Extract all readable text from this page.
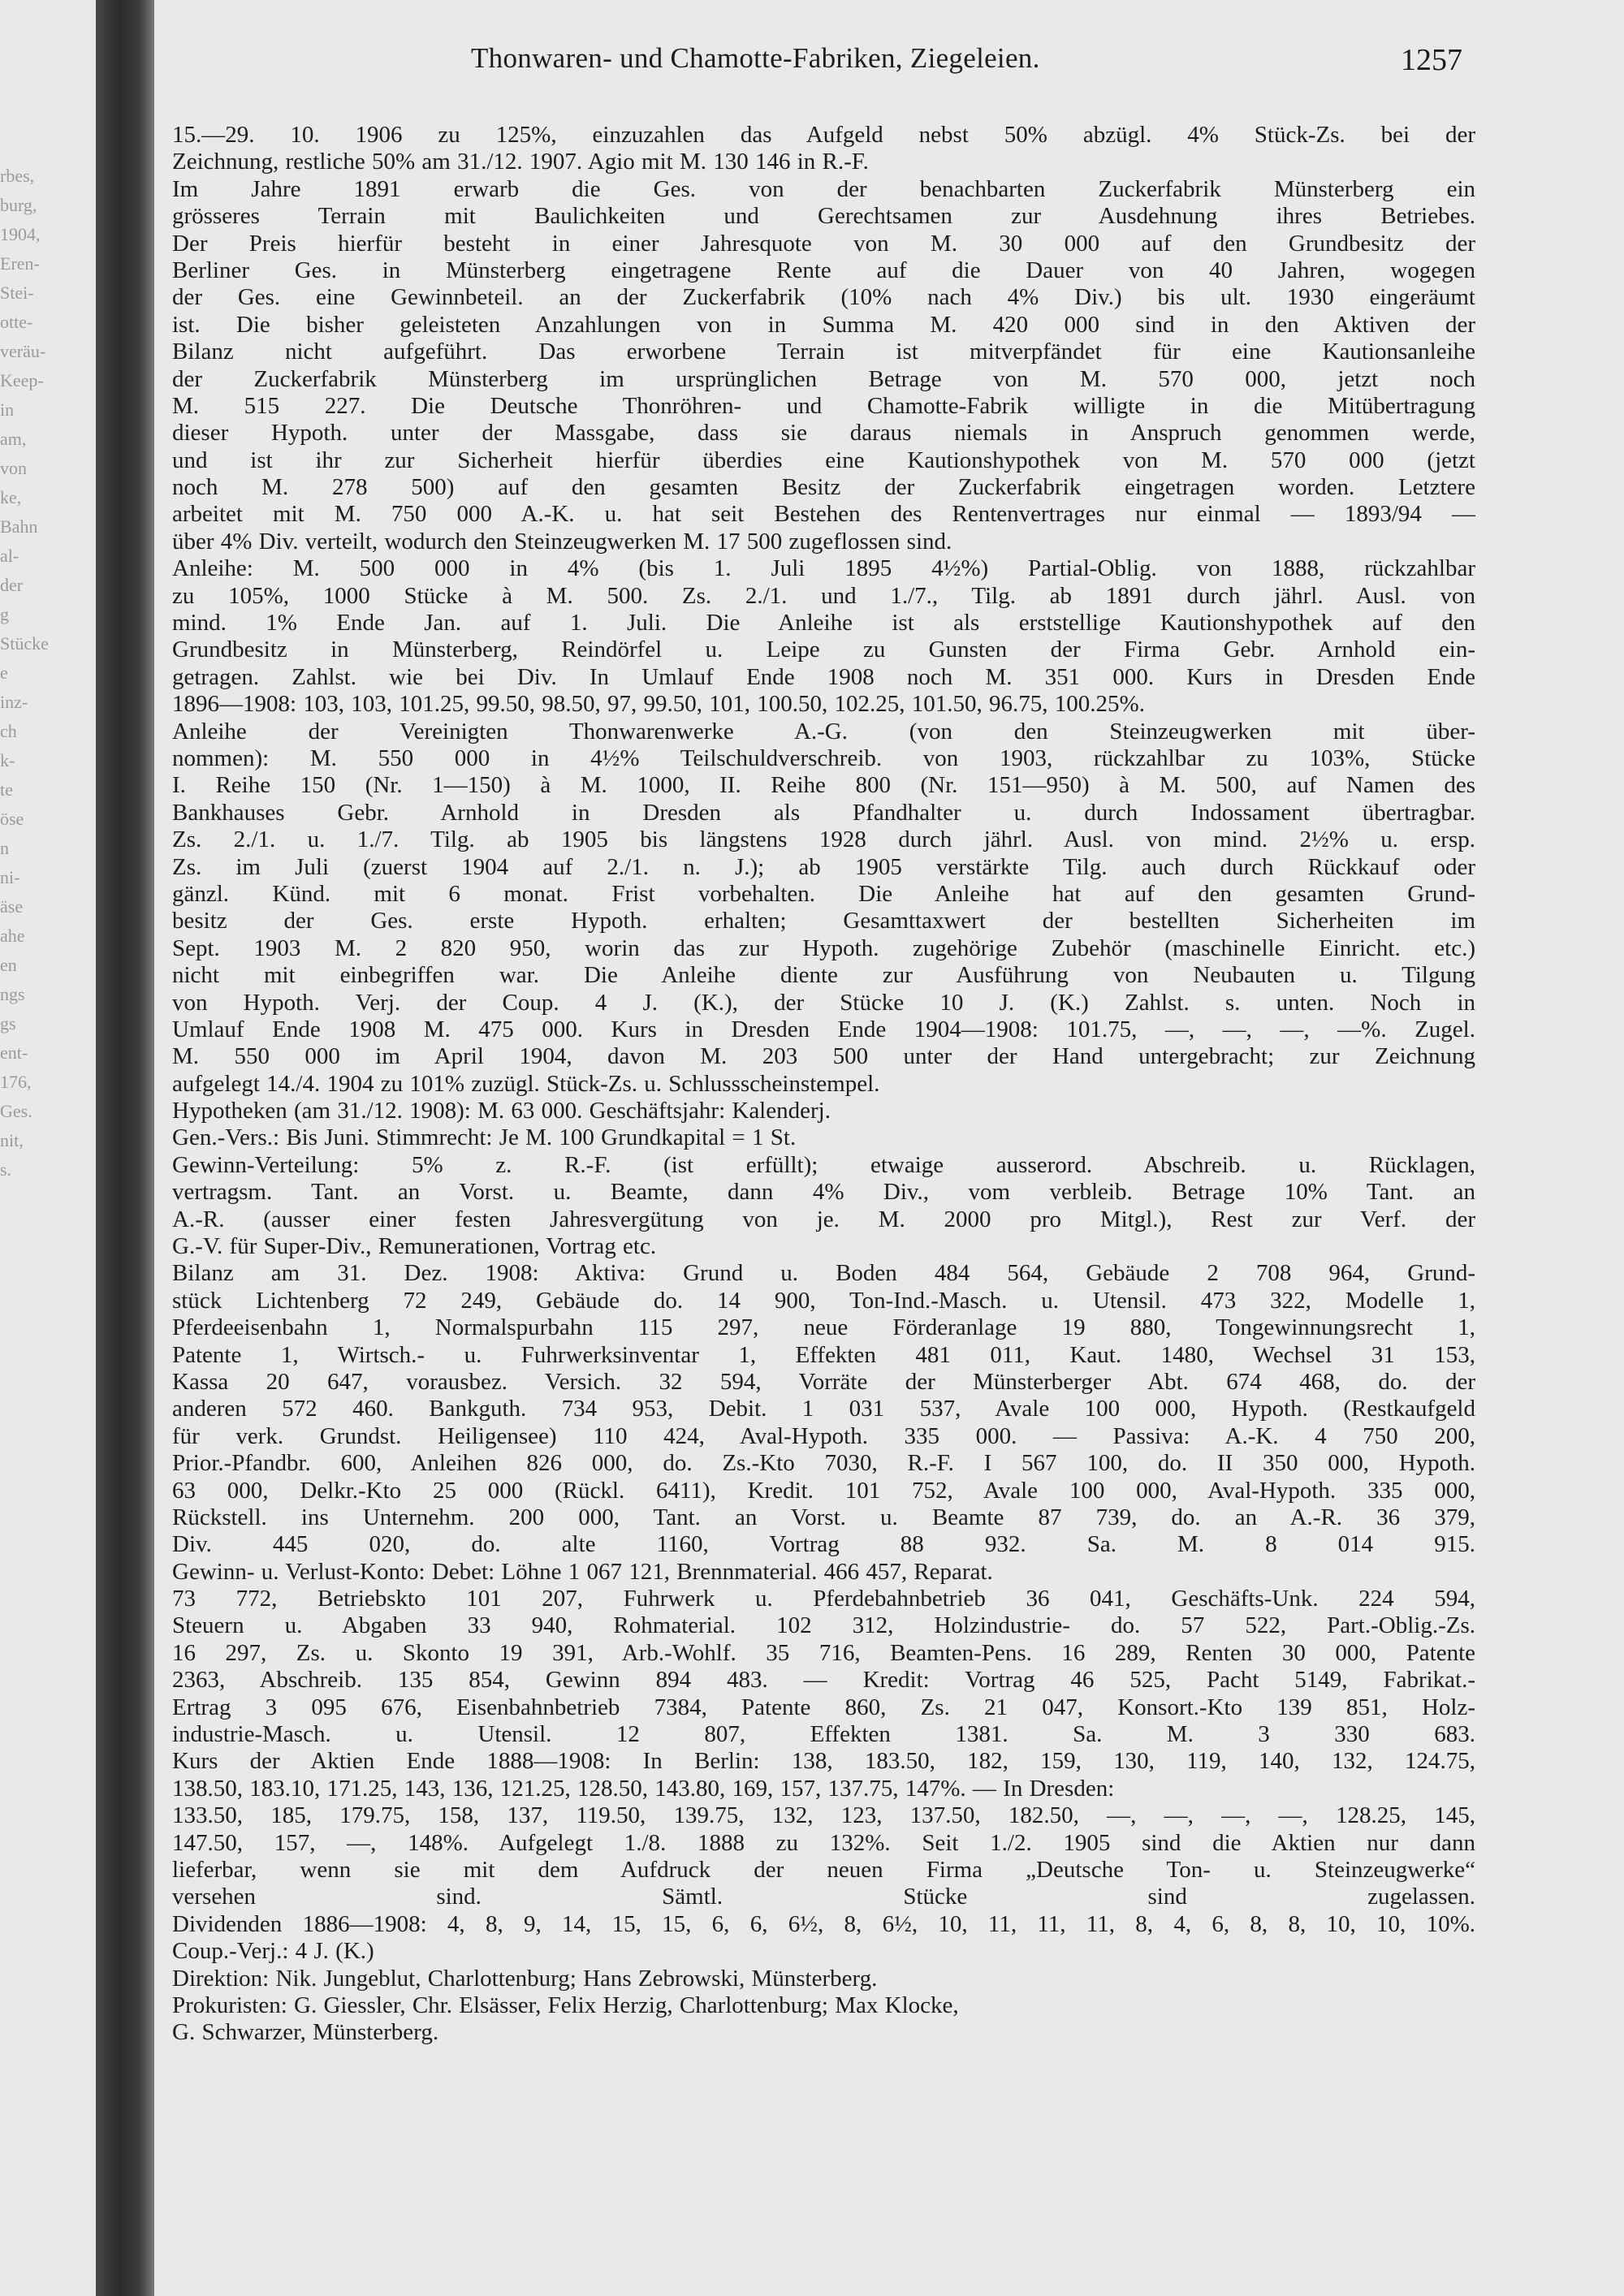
rbes,
burg,
1904,
Eren-
Stei-
otte-
veräu-
Keep-
in
am,
von
ke,
Bahn
al-
der
g
Stücke
e
inz-
ch
k-
te
öse
n
ni-
äse
ahe
en
ngs
gs
ent-
176,
Ges.
nit,
s.
Thonwaren- und Chamotte-Fabriken, Ziegeleien.	1257
15.—29. 10. 1906 zu 125%, einzuzahlen das Aufgeld nebst 50% abzügl. 4% Stück-Zs. bei der
Zeichnung, restliche 50% am 31./12. 1907. Agio mit M. 130 146 in R.-F.
Im Jahre 1891 erwarb die Ges. von der benachbarten Zuckerfabrik Münsterberg ein
grösseres Terrain mit Baulichkeiten und Gerechtsamen zur Ausdehnung ihres Betriebes.
Der Preis hierfür besteht in einer Jahresquote von M. 30 000 auf den Grundbesitz der
Berliner Ges. in Münsterberg eingetragene Rente auf die Dauer von 40 Jahren, wogegen
der Ges. eine Gewinnbeteil. an der Zuckerfabrik (10% nach 4% Div.) bis ult. 1930 eingeräumt
ist. Die bisher geleisteten Anzahlungen von in Summa M. 420 000 sind in den Aktiven der
Bilanz nicht aufgeführt. Das erworbene Terrain ist mitverpfändet für eine Kautionsanleihe
der Zuckerfabrik Münsterberg im ursprünglichen Betrage von M. 570 000, jetzt noch
M. 515 227. Die Deutsche Thonröhren- und Chamotte-Fabrik willigte in die Mitübertragung
dieser Hypoth. unter der Massgabe, dass sie daraus niemals in Anspruch genommen werde,
und ist ihr zur Sicherheit hierfür überdies eine Kautionshypothek von M. 570 000 (jetzt
noch M. 278 500) auf den gesamten Besitz der Zuckerfabrik eingetragen worden. Letztere
arbeitet mit M. 750 000 A.-K. u. hat seit Bestehen des Rentenvertrages nur einmal — 1893/94 —
über 4% Div. verteilt, wodurch den Steinzeugwerken M. 17 500 zugeflossen sind.
Anleihe: M. 500 000 in 4% (bis 1. Juli 1895 4½%) Partial-Oblig. von 1888, rückzahlbar
zu 105%, 1000 Stücke à M. 500. Zs. 2./1. und 1./7., Tilg. ab 1891 durch jährl. Ausl. von
mind. 1% Ende Jan. auf 1. Juli. Die Anleihe ist als erststellige Kautionshypothek auf den
Grundbesitz in Münsterberg, Reindörfel u. Leipe zu Gunsten der Firma Gebr. Arnhold ein-
getragen. Zahlst. wie bei Div. In Umlauf Ende 1908 noch M. 351 000. Kurs in Dresden Ende
1896—1908: 103, 103, 101.25, 99.50, 98.50, 97, 99.50, 101, 100.50, 102.25, 101.50, 96.75, 100.25%.
Anleihe der Vereinigten Thonwarenwerke A.-G. (von den Steinzeugwerken mit über-
nommen): M. 550 000 in 4½% Teilschuldverschreib. von 1903, rückzahlbar zu 103%, Stücke
I. Reihe 150 (Nr. 1—150) à M. 1000, II. Reihe 800 (Nr. 151—950) à M. 500, auf Namen des
Bankhauses Gebr. Arnhold in Dresden als Pfandhalter u. durch Indossament übertragbar.
Zs. 2./1. u. 1./7. Tilg. ab 1905 bis längstens 1928 durch jährl. Ausl. von mind. 2½% u. ersp.
Zs. im Juli (zuerst 1904 auf 2./1. n. J.); ab 1905 verstärkte Tilg. auch durch Rückkauf oder
gänzl. Künd. mit 6 monat. Frist vorbehalten. Die Anleihe hat auf den gesamten Grund-
besitz der Ges. erste Hypoth. erhalten; Gesamttaxwert der bestellten Sicherheiten im
Sept. 1903 M. 2 820 950, worin das zur Hypoth. zugehörige Zubehör (maschinelle Einricht. etc.)
nicht mit einbegriffen war. Die Anleihe diente zur Ausführung von Neubauten u. Tilgung
von Hypoth. Verj. der Coup. 4 J. (K.), der Stücke 10 J. (K.) Zahlst. s. unten. Noch in
Umlauf Ende 1908 M. 475 000. Kurs in Dresden Ende 1904—1908: 101.75, —, —, —, —%. Zugel.
M. 550 000 im April 1904, davon M. 203 500 unter der Hand untergebracht; zur Zeichnung
aufgelegt 14./4. 1904 zu 101% zuzügl. Stück-Zs. u. Schlussscheinstempel.
Hypotheken (am 31./12. 1908): M. 63 000. Geschäftsjahr: Kalenderj.
Gen.-Vers.: Bis Juni. Stimmrecht: Je M. 100 Grundkapital = 1 St.
Gewinn-Verteilung: 5% z. R.-F. (ist erfüllt); etwaige ausserord. Abschreib. u. Rücklagen,
vertragsm. Tant. an Vorst. u. Beamte, dann 4% Div., vom verbleib. Betrage 10% Tant. an
A.-R. (ausser einer festen Jahresvergütung von je. M. 2000 pro Mitgl.), Rest zur Verf. der
G.-V. für Super-Div., Remunerationen, Vortrag etc.
Bilanz am 31. Dez. 1908: Aktiva: Grund u. Boden 484 564, Gebäude 2 708 964, Grund-
stück Lichtenberg 72 249, Gebäude do. 14 900, Ton-Ind.-Masch. u. Utensil. 473 322, Modelle 1,
Pferdeeisenbahn 1, Normalspurbahn 115 297, neue Förderanlage 19 880, Tongewinnungsrecht 1,
Patente 1, Wirtsch.- u. Fuhrwerksinventar 1, Effekten 481 011, Kaut. 1480, Wechsel 31 153,
Kassa 20 647, vorausbez. Versich. 32 594, Vorräte der Münsterberger Abt. 674 468, do. der
anderen 572 460. Bankguth. 734 953, Debit. 1 031 537, Avale 100 000, Hypoth. (Restkaufgeld
für verk. Grundst. Heiligensee) 110 424, Aval-Hypoth. 335 000. — Passiva: A.-K. 4 750 200,
Prior.-Pfandbr. 600, Anleihen 826 000, do. Zs.-Kto 7030, R.-F. I 567 100, do. II 350 000, Hypoth.
63 000, Delkr.-Kto 25 000 (Rückl. 6411), Kredit. 101 752, Avale 100 000, Aval-Hypoth. 335 000,
Rückstell. ins Unternehm. 200 000, Tant. an Vorst. u. Beamte 87 739, do. an A.-R. 36 379,
Div. 445 020, do. alte 1160, Vortrag 88 932. Sa. M. 8 014 915.
Gewinn- u. Verlust-Konto: Debet: Löhne 1 067 121, Brennmaterial. 466 457, Reparat.
73 772, Betriebskto 101 207, Fuhrwerk u. Pferdebahnbetrieb 36 041, Geschäfts-Unk. 224 594,
Steuern u. Abgaben 33 940, Rohmaterial. 102 312, Holzindustrie- do. 57 522, Part.-Oblig.-Zs.
16 297, Zs. u. Skonto 19 391, Arb.-Wohlf. 35 716, Beamten-Pens. 16 289, Renten 30 000, Patente
2363, Abschreib. 135 854, Gewinn 894 483. — Kredit: Vortrag 46 525, Pacht 5149, Fabrikat.-
Ertrag 3 095 676, Eisenbahnbetrieb 7384, Patente 860, Zs. 21 047, Konsort.-Kto 139 851, Holz-
industrie-Masch. u. Utensil. 12 807, Effekten 1381. Sa. M. 3 330 683.
Kurs der Aktien Ende 1888—1908: In Berlin: 138, 183.50, 182, 159, 130, 119, 140, 132, 124.75,
138.50, 183.10, 171.25, 143, 136, 121.25, 128.50, 143.80, 169, 157, 137.75, 147%. — In Dresden:
133.50, 185, 179.75, 158, 137, 119.50, 139.75, 132, 123, 137.50, 182.50, —, —, —, —, 128.25, 145,
147.50, 157, —, 148%. Aufgelegt 1./8. 1888 zu 132%. Seit 1./2. 1905 sind die Aktien nur dann
lieferbar, wenn sie mit dem Aufdruck der neuen Firma „Deutsche Ton- u. Steinzeugwerke“
versehen sind. Sämtl. Stücke sind zugelassen.
Dividenden 1886—1908: 4, 8, 9, 14, 15, 15, 6, 6, 6½, 8, 6½, 10, 11, 11, 11, 8, 4, 6, 8, 8, 10, 10, 10%.
Coup.-Verj.: 4 J. (K.)
Direktion: Nik. Jungeblut, Charlottenburg; Hans Zebrowski, Münsterberg.
Prokuristen: G. Giessler, Chr. Elsässer, Felix Herzig, Charlottenburg; Max Klocke,
G. Schwarzer, Münsterberg.
